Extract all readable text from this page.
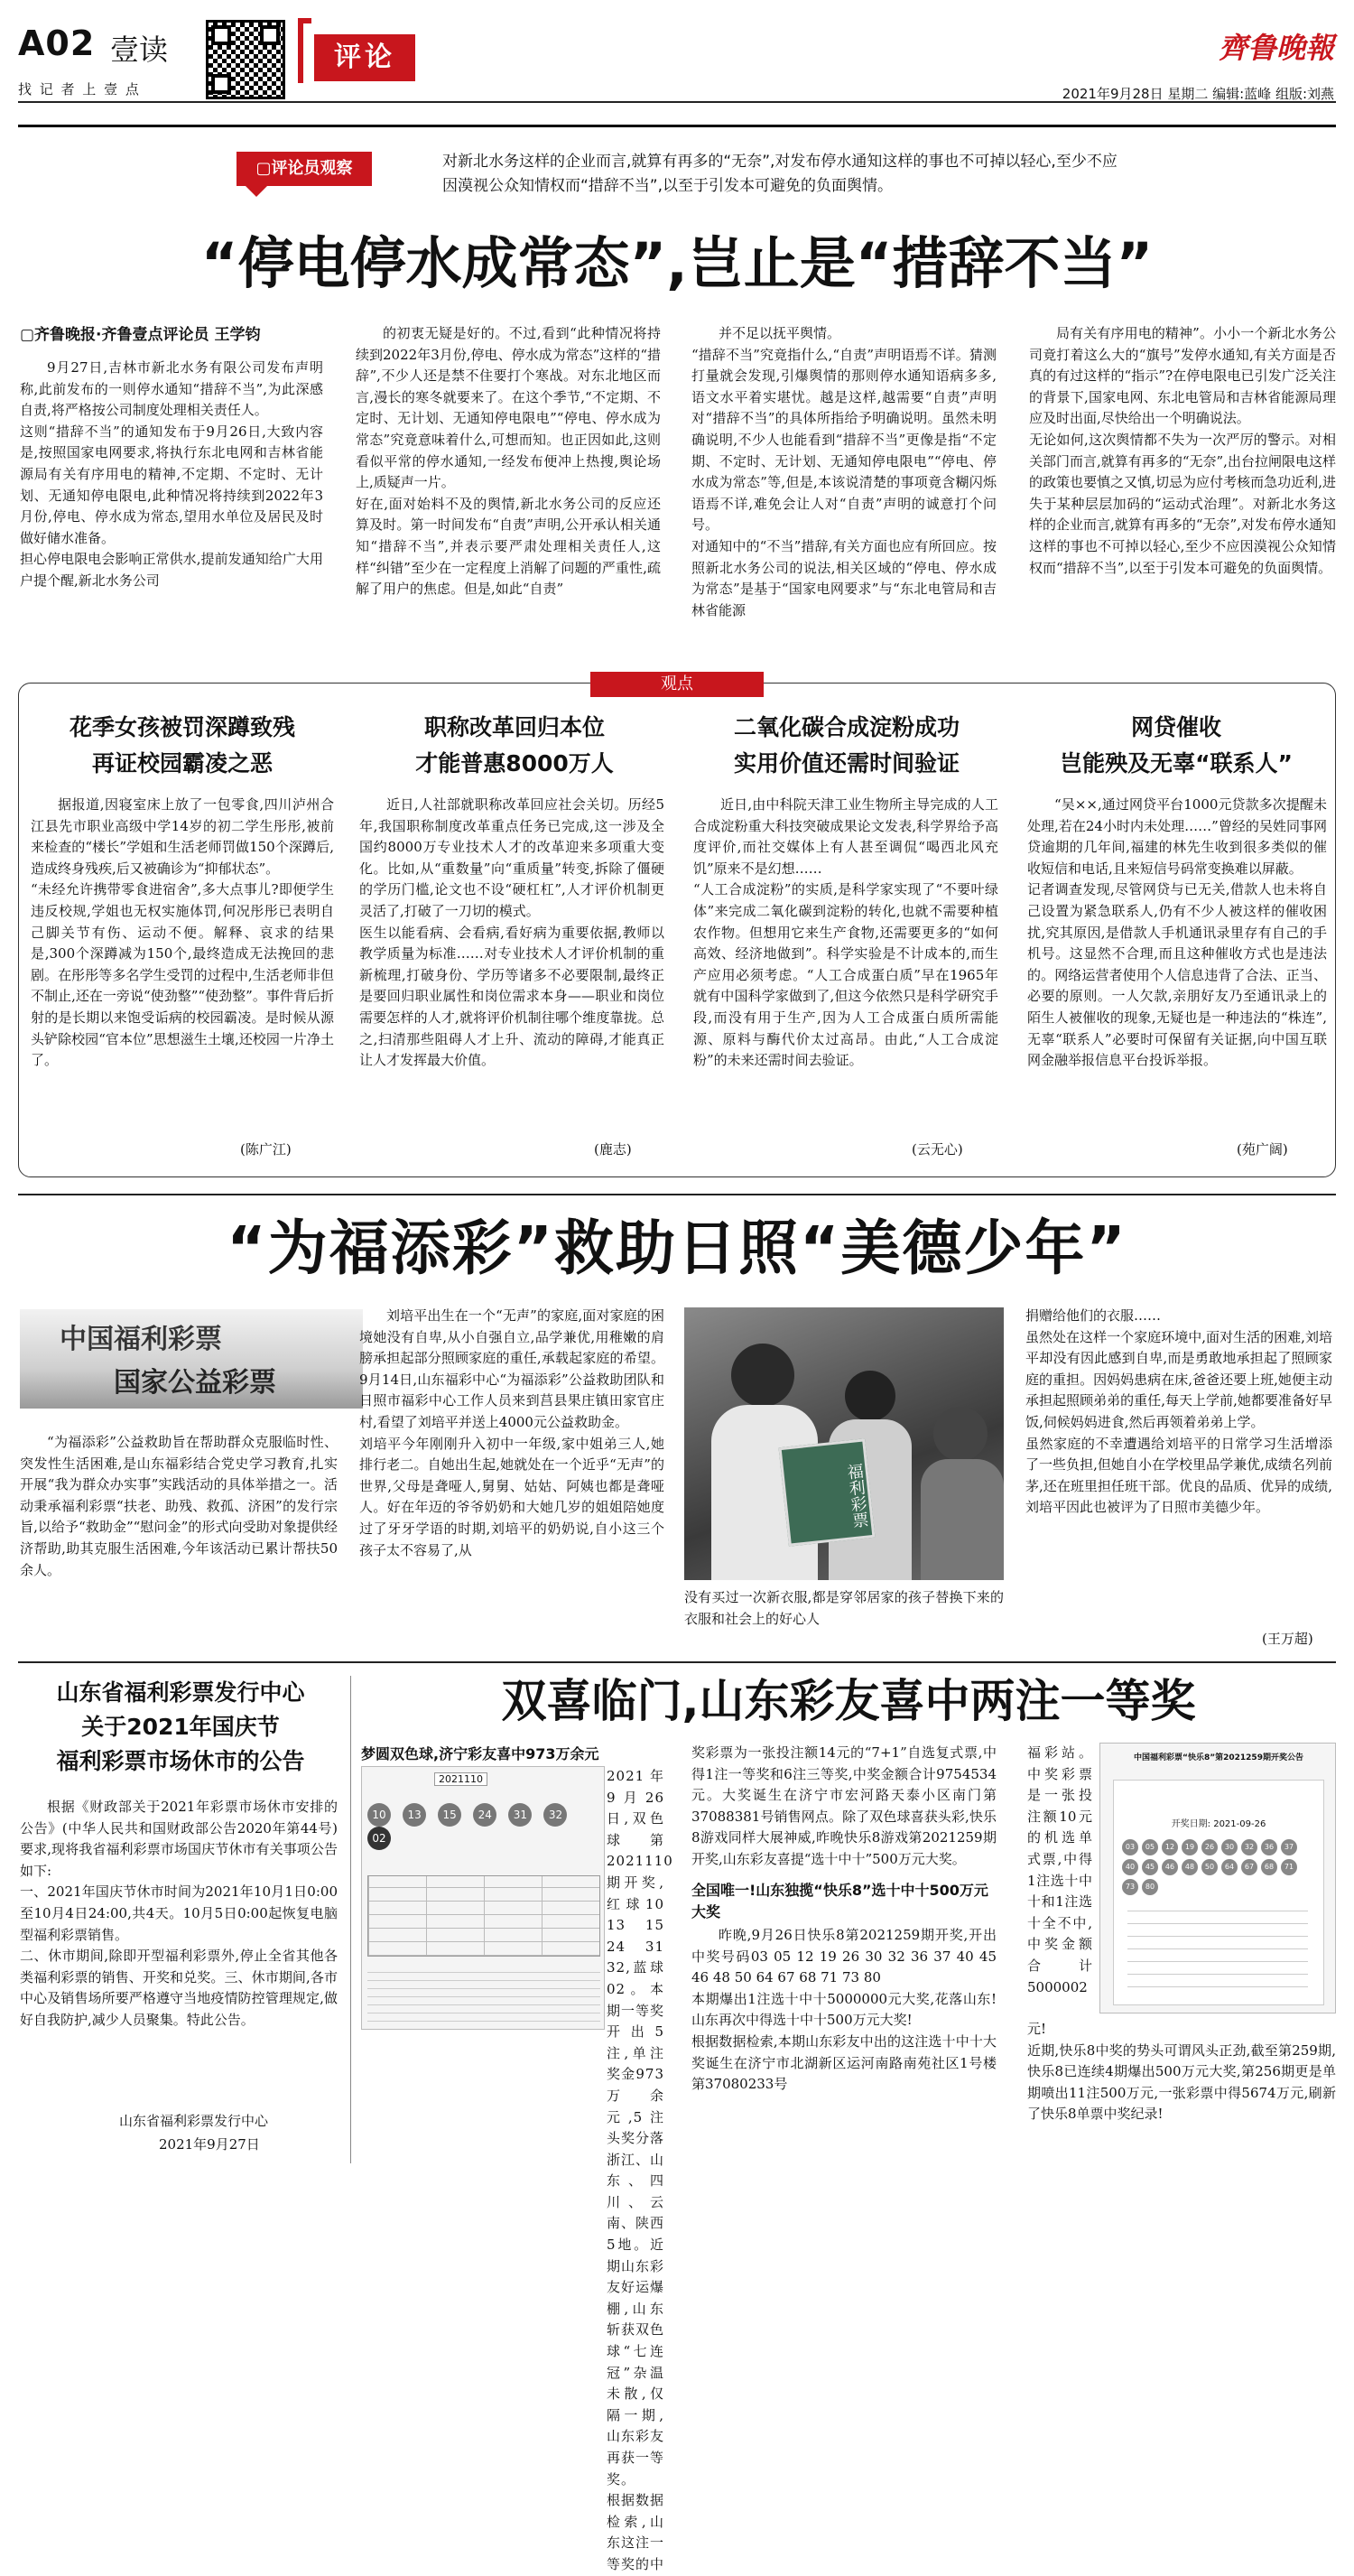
A02 壹读
找 记 者 上 壹 点
评论	齊鲁晚報
2021年9月28日 星期二 编辑:蓝峰 组版:刘燕
▢评论员观察	对新北水务这样的企业而言,就算有再多的“无奈”,对发布停水通知这样的事也不可掉以轻心,至少不应因漠视公众知情权而“措辞不当”,以至于引发本可避免的负面舆情。
“停电停水成常态”,岂止是“措辞不当”
▢齐鲁晚报·齐鲁壹点评论员 王学钧

9月27日,吉林市新北水务有限公司发布声明称,此前发布的一则停水通知“措辞不当”,为此深感自责,将严格按公司制度处理相关责任人。
这则“措辞不当”的通知发布于9月26日,大致内容是,按照国家电网要求,将执行东北电网和吉林省能源局有关有序用电的精神,不定期、不定时、无计划、无通知停电限电,此种情况将持续到2022年3月份,停电、停水成为常态,望用水单位及居民及时做好储水准备。
担心停电限电会影响正常供水,提前发通知给广大用户提个醒,新北水务公司

的初衷无疑是好的。不过,看到“此种情况将持续到2022年3月份,停电、停水成为常态”这样的“措辞”,不少人还是禁不住要打个寒战。对东北地区而言,漫长的寒冬就要来了。在这个季节,“不定期、不定时、无计划、无通知停电限电”“停电、停水成为常态”究竟意味着什么,可想而知。也正因如此,这则看似平常的停水通知,一经发布便冲上热搜,舆论场上,质疑声一片。
好在,面对始料不及的舆情,新北水务公司的反应还算及时。第一时间发布“自责”声明,公开承认相关通知“措辞不当”,并表示要严肃处理相关责任人,这样“纠错”至少在一定程度上消解了问题的严重性,疏解了用户的焦虑。但是,如此“自责”

并不足以抚平舆情。
“措辞不当”究竟指什么,“自责”声明语焉不详。猜测打量就会发现,引爆舆情的那则停水通知语病多多,语文水平着实堪忧。越是这样,越需要“自责”声明对“措辞不当”的具体所指给予明确说明。虽然未明确说明,不少人也能看到“措辞不当”更像是指“不定期、不定时、无计划、无通知停电限电”“停电、停水成为常态”等,但是,本该说清楚的事项竟含糊闪烁语焉不详,难免会让人对“自责”声明的诚意打个问号。
对通知中的“不当”措辞,有关方面也应有所回应。按照新北水务公司的说法,相关区域的“停电、停水成为常态”是基于“国家电网要求”与“东北电管局和吉林省能源

局有关有序用电的精神”。小小一个新北水务公司竟打着这么大的“旗号”发停水通知,有关方面是否真的有过这样的“指示”?在停电限电已引发广泛关注的背景下,国家电网、东北电管局和吉林省能源局理应及时出面,尽快给出一个明确说法。
无论如何,这次舆情都不失为一次严厉的警示。对相关部门而言,就算有再多的“无奈”,出台拉闸限电这样的政策也要慎之又慎,切忌为应付考核而急功近利,进失于某种层层加码的“运动式治理”。对新北水务这样的企业而言,就算有再多的“无奈”,对发布停水通知这样的事也不可掉以轻心,至少不应因漠视公众知情权而“措辞不当”,以至于引发本可避免的负面舆情。

观点
花季女孩被罚深蹲致残
再证校园霸凌之恶

据报道,因寝室床上放了一包零食,四川泸州合江县先市职业高级中学14岁的初二学生彤彤,被前来检查的“楼长”学姐和生活老师罚做150个深蹲后,造成终身残疾,后又被确诊为“抑郁状态”。
“未经允许携带零食进宿舍”,多大点事儿?即便学生违反校规,学姐也无权实施体罚,何况彤彤已表明自己脚关节有伤、运动不便。解释、哀求的结果是,300个深蹲减为150个,最终造成无法挽回的悲剧。在彤彤等多名学生受罚的过程中,生活老师非但不制止,还在一旁说“使劲整”“使劲整”。事件背后折射的是长期以来饱受诟病的校园霸凌。是时候从源头铲除校园“官本位”思想滋生土壤,还校园一片净土了。

(陈广江)
职称改革回归本位
才能普惠8000万人

近日,人社部就职称改革回应社会关切。历经5年,我国职称制度改革重点任务已完成,这一涉及全国约8000万专业技术人才的改革迎来多项重大变化。比如,从“重数量”向“重质量”转变,拆除了僵硬的学历门槛,论文也不设“硬杠杠”,人才评价机制更灵活了,打破了一刀切的模式。
医生以能看病、会看病,看好病为重要依据,教师以教学质量为标准……对专业技术人才评价机制的重新梳理,打破身份、学历等诸多不必要限制,最终正是要回归职业属性和岗位需求本身——职业和岗位需要怎样的人才,就将评价机制往哪个维度靠拢。总之,扫清那些阻碍人才上升、流动的障碍,才能真正让人才发挥最大价值。

(鹿志)
二氧化碳合成淀粉成功
实用价值还需时间验证

近日,由中科院天津工业生物所主导完成的人工合成淀粉重大科技突破成果论文发表,科学界给予高度评价,而社交媒体上有人甚至调侃“喝西北风充饥”原来不是幻想……
“人工合成淀粉”的实质,是科学家实现了“不要叶绿体”来完成二氧化碳到淀粉的转化,也就不需要种植农作物。但想用它来生产食物,还需要更多的“如何高效、经济地做到”。科学实验是不计成本的,而生产应用必须考虑。“人工合成蛋白质”早在1965年就有中国科学家做到了,但这今依然只是科学研究手段,而没有用于生产,因为人工合成蛋白质所需能源、原料与酶代价太过高昂。由此,“人工合成淀粉”的未来还需时间去验证。

(云无心)
网贷催收
岂能殃及无辜“联系人”

“吴××,通过网贷平台1000元贷款多次提醒未处理,若在24小时内未处理……”曾经的吴姓同事网贷逾期的几年间,福建的林先生收到很多类似的催收短信和电话,且来短信号码常变换难以屏蔽。
记者调查发现,尽管网贷与已无关,借款人也未将自己设置为紧急联系人,仍有不少人被这样的催收困扰,究其原因,是借款人手机通讯录里存有自己的手机号。这显然不合理,而且这种催收方式也是违法的。网络运营者使用个人信息违背了合法、正当、必要的原则。一人欠款,亲朋好友乃至通讯录上的陌生人被催收的现象,无疑也是一种违法的“株连”,无辜“联系人”必要时可保留有关证据,向中国互联网金融举报信息平台投诉举报。

(苑广阔)
“为福添彩”救助日照“美德少年”
中国福利彩票
国家公益彩票

“为福添彩”公益救助旨在帮助群众克服临时性、突发性生活困难,是山东福彩结合党史学习教育,扎实开展“我为群众办实事”实践活动的具体举措之一。活动秉承福利彩票“扶老、助残、救孤、济困”的发行宗旨,以给予“救助金”“慰问金”的形式向受助对象提供经济帮助,助其克服生活困难,今年该活动已累计帮扶50余人。

刘培平出生在一个“无声”的家庭,面对家庭的困境她没有自卑,从小自强自立,品学兼优,用稚嫩的肩膀承担起部分照顾家庭的重任,承载起家庭的希望。9月14日,山东福彩中心“为福添彩”公益救助团队和日照市福彩中心工作人员来到莒县果庄镇田家官庄村,看望了刘培平并送上4000元公益救助金。
刘培平今年刚刚升入初中一年级,家中姐弟三人,她排行老二。自她出生起,她就处在一个近乎“无声”的世界,父母是聋哑人,舅舅、姑姑、阿姨也都是聋哑人。好在年迈的爷爷奶奶和大她几岁的姐姐陪她度过了牙牙学语的时期,刘培平的奶奶说,自小这三个孩子太不容易了,从

福利彩票

没有买过一次新衣服,都是穿邻居家的孩子替换下来的衣服和社会上的好心人

捐赠给他们的衣服……
虽然处在这样一个家庭环境中,面对生活的困难,刘培平却没有因此感到自卑,而是勇敢地承担起了照顾家庭的重担。因妈妈患病在床,爸爸还要上班,她便主动承担起照顾弟弟的重任,每天上学前,她都要准备好早饭,伺候妈妈进食,然后再领着弟弟上学。
虽然家庭的不幸遭遇给刘培平的日常学习生活增添了一些负担,但她自小在学校里品学兼优,成绩名列前茅,还在班里担任班干部。优良的品质、优异的成绩,刘培平因此也被评为了日照市美德少年。

(王万超)
山东省福利彩票发行中心
关于2021年国庆节
福利彩票市场休市的公告

根据《财政部关于2021年彩票市场休市安排的公告》(中华人民共和国财政部公告2020年第44号)要求,现将我省福利彩票市场国庆节休市有关事项公告如下:
一、2021年国庆节休市时间为2021年10月1日0:00至10月4日24:00,共4天。10月5日0:00起恢复电脑型福利彩票销售。
二、休市期间,除即开型福利彩票外,停止全省其他各类福利彩票的销售、开奖和兑奖。三、休市期间,各市中心及销售场所要严格遵守当地疫情防控管理规定,做好自我防护,减少人员聚集。特此公告。

山东省福利彩票发行中心
2021年9月27日
双喜临门,山东彩友喜中两注一等奖
梦圆双色球,济宁彩友喜中973万余元
2021110
10 13 15 24 31 32 02

2021年9月26日,双色球第2021110期开奖,红球10 13 15 24 31 32,蓝球02。本期一等奖开出5注,单注奖金973万余元,5注头奖分落浙江、山东、四川、云南、陕西5地。近期山东彩友好运爆棚,山东斩获双色球“七连冠”杂温未散,仅隔一期,山东彩友再获一等奖。
根据数据检索,山东这注一等奖的中

奖彩票为一张投注额14元的“7+1”自选复式票,中得1注一等奖和6注三等奖,中奖金额合计9754534元。大奖诞生在济宁市宏河路天泰小区南门第37088381号销售网点。除了双色球喜获头彩,快乐8游戏同样大展神威,昨晚快乐8游戏第2021259期开奖,山东彩友喜提“选十中十”500万元大奖。

全国唯一!山东独揽“快乐8”选十中十500万元大奖

昨晚,9月26日快乐8第2021259期开奖,开出中奖号码03 05 12 19 26 30 32 36 37 40 45 46 48 50 64 67 68 71 73 80
本期爆出1注选十中十5000000元大奖,花落山东!山东再次中得选十中十500万元大奖!
根据数据检索,本期山东彩友中出的这注选十中十大奖诞生在济宁市北湖新区运河南路南苑社区1号楼第37080233号

福彩站。中奖彩票是一张投注额10元的机选单式票,中得1注选十中十和1注选十全不中,中奖金额合计5000002

中国福利彩票“快乐8”第2021259期开奖公告
开奖日期: 2021-09-26
03 05 12 19 26 30 32 36 3740 45 46 48 50 64 67 68 7173 80

元!
近期,快乐8中奖的势头可谓风头正劲,截至第259期,快乐8已连续4期爆出500万元大奖,第256期更是单期喷出11注500万元,一张彩票中得5674万元,刷新了快乐8单票中奖纪录!
